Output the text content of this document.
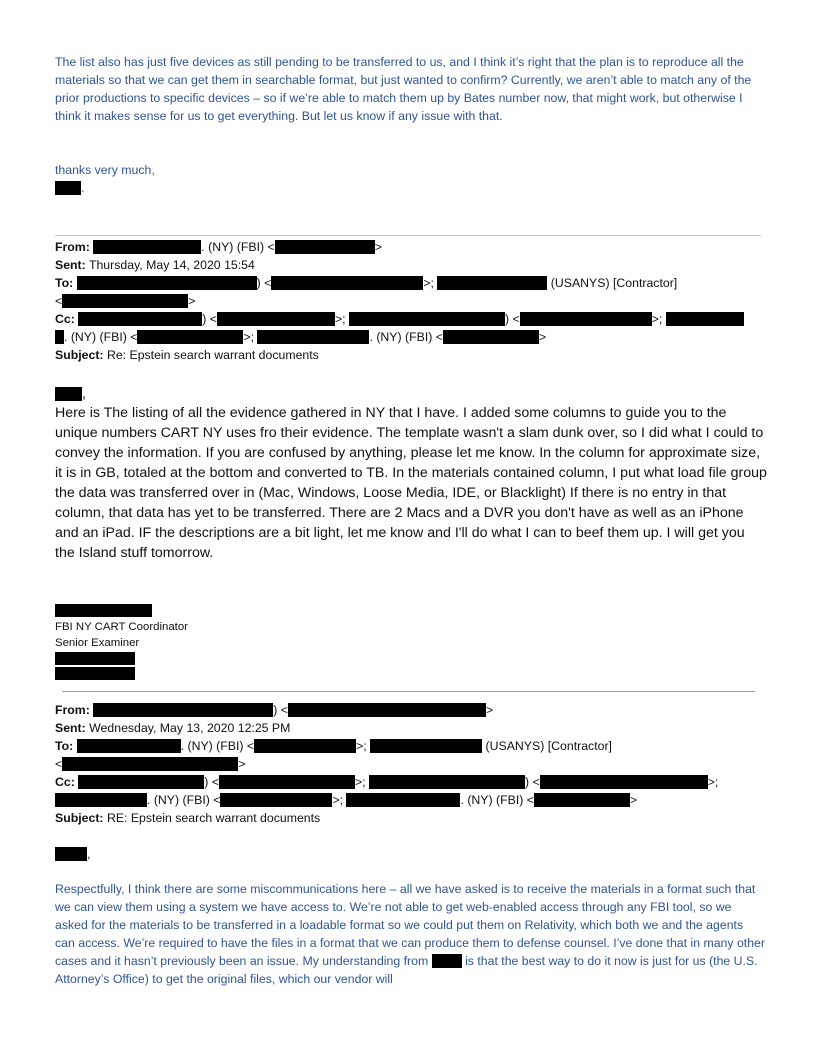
The list also has just five devices as still pending to be transferred to us, and I think it’s right that the plan is to reproduce all the materials so that we can get them in searchable format, but just wanted to confirm? Currently, we aren’t able to match any of the prior productions to specific devices – so if we’re able to match them up by Bates number now, that might work, but otherwise I think it makes sense for us to get everything. But let us know if any issue with that.

thanks very much,
.
From:	. (NY) (FBI) <	>
Sent: Thursday, May 14, 2020 15:54
To:	) <	>;	(USANYS) [Contractor]
<	>
Cc:	) <	>;	) <	>;
. (NY) (FBI) <	>;	. (NY) (FBI) <	>
Subject: Re: Epstein search warrant documents
,

Here is The listing of all the evidence gathered in NY that I have. I added some columns to guide you to the unique numbers CART NY uses fro their evidence. The template wasn't a slam dunk over, so I did what I could to convey the information. If you are confused by anything, please let me know. In the column for approximate size, it is in GB, totaled at the bottom and converted to TB. In the materials contained column, I put what load file group the data was transferred over in (Mac, Windows, Loose Media, IDE, or Blacklight) If there is no entry in that column, that data has yet to be transferred. There are 2 Macs and a DVR you don't have as well as an iPhone and an iPad. IF the descriptions are a bit light, let me know and I'll do what I can to beef them up. I will get you the Island stuff tomorrow.

FBI NY CART Coordinator
Senior Examiner
From:	) <	>
Sent: Wednesday, May 13, 2020 12:25 PM
To:	. (NY) (FBI) <	>;	(USANYS) [Contractor]
<	>
Cc:	) <	>;	) <	>;
. (NY) (FBI) <	>;	. (NY) (FBI) <	>
Subject: RE: Epstein search warrant documents
,

Respectfully, I think there are some miscommunications here – all we have asked is to receive the materials in a format such that we can view them using a system we have access to. We’re not able to get web-enabled access through any FBI tool, so we asked for the materials to be transferred in a loadable format so we could put them on Relativity, which both we and the agents can access. We’re required to have the files in a format that we can produce them to defense counsel. I’ve done that in many other cases and it hasn’t previously been an issue. My understanding from	is that the best way to do it now is just for us (the U.S. Attorney’s Office) to get the original files, which our vendor will
